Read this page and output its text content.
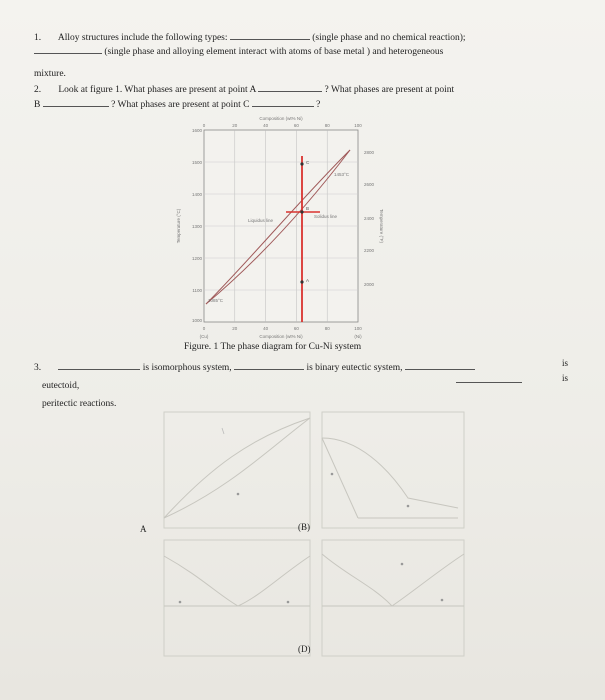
1. Alloy structures include the following types:	(single phase and no chemical reaction);
(single phase and alloying element interact with atoms of base metal ) and heterogeneous
mixture.
2. Look at figure 1. What phases are present at point A	? What phases are present at point
B	? What phases are present at point C	?
Composition (wt% Ni)
0	20	40	60	80	100
1600
1500
1400
1300
1200
1100
1000
Temperature (°C)
2800
2600
2400
2200
2000
Temperature (°F)
Liquidus line
Solidus line
1085°C
1453°C
C
B
A
0	20	40	60	80	100
(Cu)	(Ni)
Composition (wt% Ni)
Figure. 1 The phase diagram for Cu-Ni system
3.	is isomorphous system,	is binary eutectic system,	is
is
eutectoid,
peritectic reactions.
A	(B)
(D)
